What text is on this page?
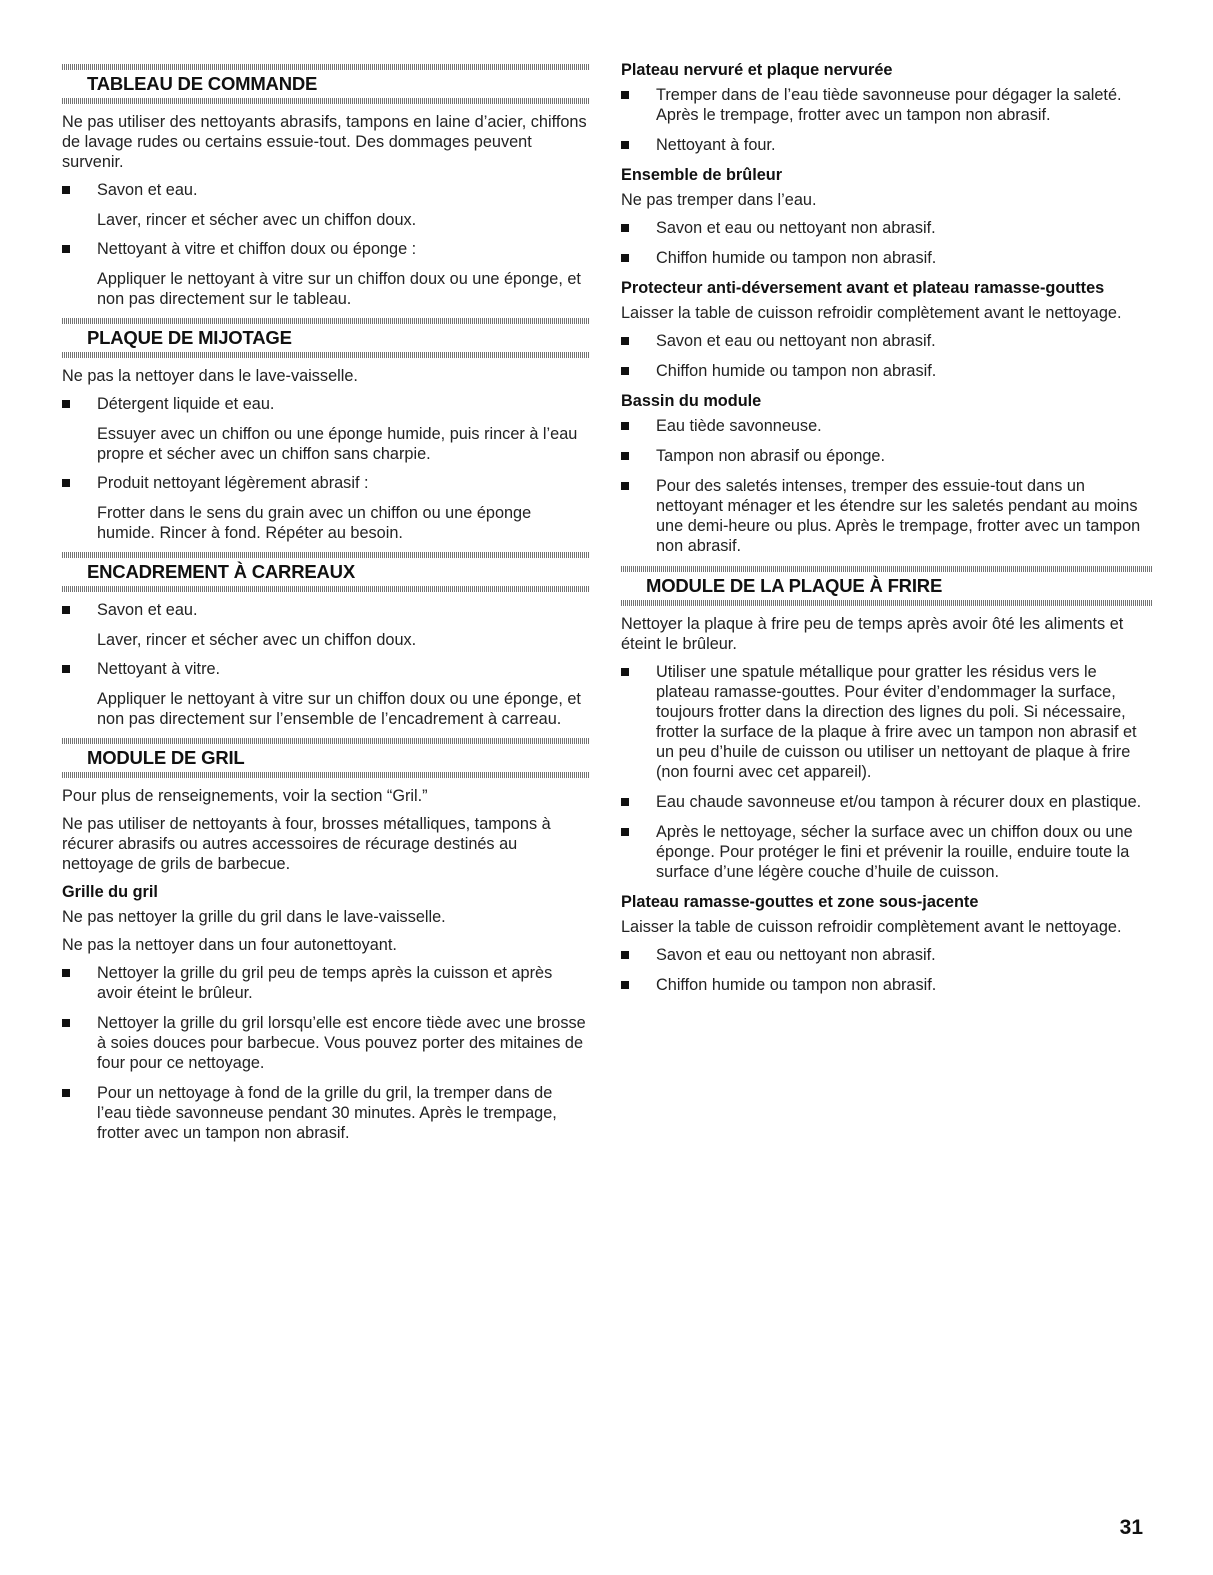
TABLEAU DE COMMANDE

Ne pas utiliser des nettoyants abrasifs, tampons en laine d’acier, chiffons de lavage rudes ou certains essuie-tout. Des dommages peuvent survenir.

Savon et eau.

Laver, rincer et sécher avec un chiffon doux.

Nettoyant à vitre et chiffon doux ou éponge :

Appliquer le nettoyant à vitre sur un chiffon doux ou une éponge, et non pas directement sur le tableau.

PLAQUE DE MIJOTAGE

Ne pas la nettoyer dans le lave-vaisselle.

Détergent liquide et eau.

Essuyer avec un chiffon ou une éponge humide, puis rincer à l’eau propre et sécher avec un chiffon sans charpie.

Produit nettoyant légèrement abrasif :

Frotter dans le sens du grain avec un chiffon ou une éponge humide. Rincer à fond. Répéter au besoin.

ENCADREMENT À CARREAUX
Savon et eau.

Laver, rincer et sécher avec un chiffon doux.

Nettoyant à vitre.

Appliquer le nettoyant à vitre sur un chiffon doux ou une éponge, et non pas directement sur l’ensemble de l’encadrement à carreau.

MODULE DE GRIL

Pour plus de renseignements, voir la section “Gril.”

Ne pas utiliser de nettoyants à four, brosses métalliques, tampons à récurer abrasifs ou autres accessoires de récurage destinés au nettoyage de grils de barbecue.

Grille du gril

Ne pas nettoyer la grille du gril dans le lave-vaisselle.

Ne pas la nettoyer dans un four autonettoyant.

Nettoyer la grille du gril peu de temps après la cuisson et après avoir éteint le brûleur.
Nettoyer la grille du gril lorsqu’elle est encore tiède avec une brosse à soies douces pour barbecue. Vous pouvez porter des mitaines de four pour ce nettoyage.
Pour un nettoyage à fond de la grille du gril, la tremper dans de l’eau tiède savonneuse pendant 30 minutes. Après le trempage, frotter avec un tampon non abrasif.
Plateau nervuré et plaque nervurée
Tremper dans de l’eau tiède savonneuse pour dégager la saleté. Après le trempage, frotter avec un tampon non abrasif.
Nettoyant à four.
Ensemble de brûleur

Ne pas tremper dans l’eau.

Savon et eau ou nettoyant non abrasif.
Chiffon humide ou tampon non abrasif.
Protecteur anti-déversement avant et plateau ramasse-gouttes

Laisser la table de cuisson refroidir complètement avant le nettoyage.

Savon et eau ou nettoyant non abrasif.
Chiffon humide ou tampon non abrasif.
Bassin du module
Eau tiède savonneuse.
Tampon non abrasif ou éponge.
Pour des saletés intenses, tremper des essuie-tout dans un nettoyant ménager et les étendre sur les saletés pendant au moins une demi-heure ou plus. Après le trempage, frotter avec un tampon non abrasif.
MODULE DE LA PLAQUE À FRIRE

Nettoyer la plaque à frire peu de temps après avoir ôté les aliments et éteint le brûleur.

Utiliser une spatule métallique pour gratter les résidus vers le plateau ramasse-gouttes. Pour éviter d’endommager la surface, toujours frotter dans la direction des lignes du poli. Si nécessaire, frotter la surface de la plaque à frire avec un tampon non abrasif et un peu d’huile de cuisson ou utiliser un nettoyant de plaque à frire (non fourni avec cet appareil).
Eau chaude savonneuse et/ou tampon à récurer doux en plastique.
Après le nettoyage, sécher la surface avec un chiffon doux ou une éponge. Pour protéger le fini et prévenir la rouille, enduire toute la surface d’une légère couche d’huile de cuisson.
Plateau ramasse-gouttes et zone sous-jacente

Laisser la table de cuisson refroidir complètement avant le nettoyage.

Savon et eau ou nettoyant non abrasif.
Chiffon humide ou tampon non abrasif.
31
